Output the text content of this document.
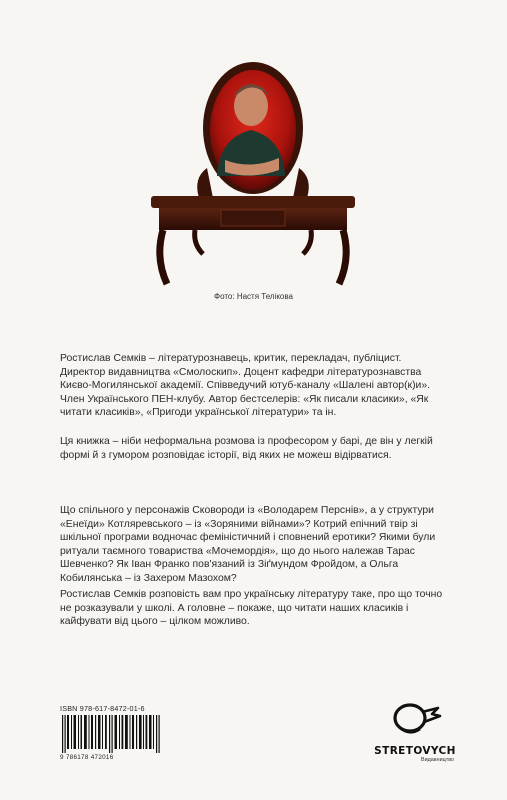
Фото: Настя Телікова

Ростислав Семків – літературознавець, критик, перекладач, публіцист. Директор видавництва «Смолоскип». Доцент кафедри літературознавства Києво-Могилянської академії. Співведучий ютуб-каналу «Шалені автор(к)и». Член Українського ПЕН-клубу. Автор бестселерів: «Як писали класики», «Як читати класиків», «Пригоди української літератури» та ін.

Ця книжка – ніби неформальна розмова із професором у барі, де він у легкій формі й з гумором розповідає історії, від яких не можеш відірватися.

Що спільного у персонажів Сковороди із «Володарем Перснів», а у структури «Енеїди» Котляревського – із «Зоряними війнами»? Котрий епічний твір зі шкільної програми водночас феміністичний і сповнений еротики? Якими були ритуали таємного товариства «Мочемордія», що до нього належав Тарас Шевченко? Як Іван Франко пов'язаний із Зіґмундом Фройдом, а Ольга Кобилянська – із Захером Мазохом?

Ростислав Семків розповість вам про українську літературу таке, про що точно не розказували у школі. А головне – покаже, що читати наших класиків і кайфувати від цього – цілком можливо.

ISBN 978-617-8472-01-6
9 786178 472016
STRETOVYCH
Видавництво
